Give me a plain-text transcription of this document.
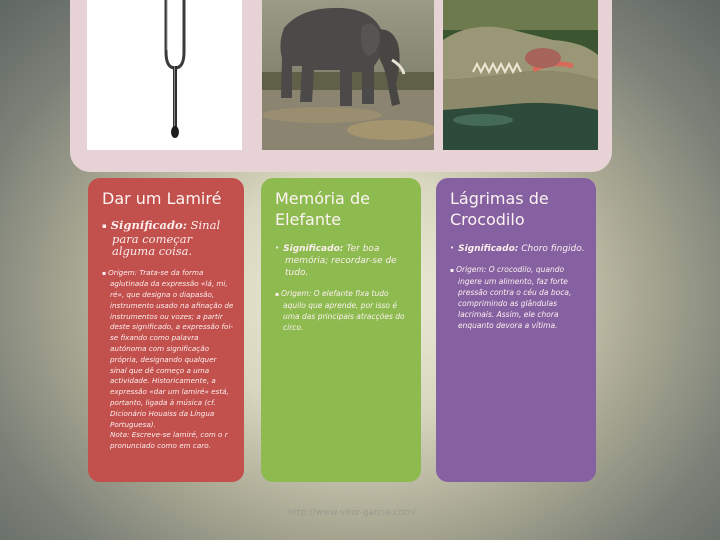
Dar um Lamiré
▪ Significado: Sinal para começar alguma coisa.
▪ Origem: Trata-se da forma aglutinada da expressão «lá, mi, ré», que designa o diapasão, instrumento usado na afinação de instrumentos ou vozes; a partir deste significado, a expressão foi-se fixando como palavra autónoma com significação própria, designando qualquer sinal que dê começo a uma actividade. Historicamente, a expressão «dar um lamiré» está, portanto, ligada à música (cf. Dicionário Houaiss da Língua Portuguesa).
Nota: Escreve-se lamiré, com o r pronunciado como em caro.
Memória de Elefante
• Significado: Ter boa memória; recordar-se de tudo.
▪ Origem: O elefante fixa tudo aquilo que aprende, por isso é uma das principais atracções do circo.
Lágrimas de Crocodilo
• Significado: Choro fingido.
▪ Origem: O crocodilo, quando ingere um alimento, faz forte pressão contra o céu da boca, comprimindo as glândulas lacrimais. Assim, ele chora enquanto devora a vítima.
http://www.vitor-garcia.com/
